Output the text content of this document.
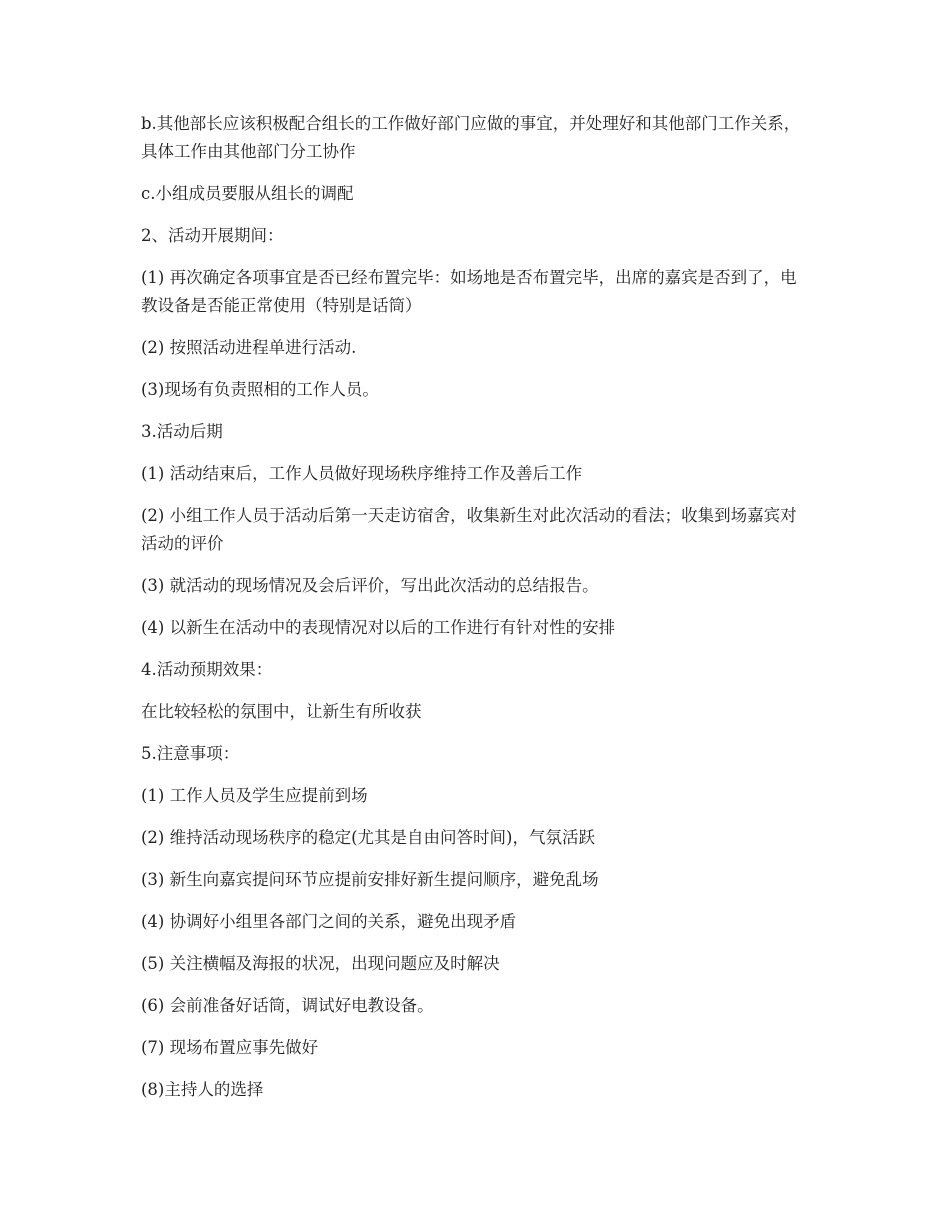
b.其他部长应该积极配合组长的工作做好部门应做的事宜，并处理好和其他部门工作关系，具体工作由其他部门分工协作

c.小组成员要服从组长的调配

2、活动开展期间：

(1) 再次确定各项事宜是否已经布置完毕：如场地是否布置完毕，出席的嘉宾是否到了，电教设备是否能正常使用（特别是话筒）

(2) 按照活动进程单进行活动.

(3)现场有负责照相的工作人员。

3.活动后期

(1) 活动结束后，工作人员做好现场秩序维持工作及善后工作

(2) 小组工作人员于活动后第一天走访宿舍，收集新生对此次活动的看法；收集到场嘉宾对活动的评价

(3) 就活动的现场情况及会后评价，写出此次活动的总结报告。

(4) 以新生在活动中的表现情况对以后的工作进行有针对性的安排

4.活动预期效果：

在比较轻松的氛围中，让新生有所收获

5.注意事项：

(1) 工作人员及学生应提前到场

(2) 维持活动现场秩序的稳定(尤其是自由问答时间)，气氛活跃

(3) 新生向嘉宾提问环节应提前安排好新生提问顺序，避免乱场

(4) 协调好小组里各部门之间的关系，避免出现矛盾

(5) 关注横幅及海报的状况，出现问题应及时解决

(6) 会前准备好话筒，调试好电教设备。

(7) 现场布置应事先做好

(8)主持人的选择
